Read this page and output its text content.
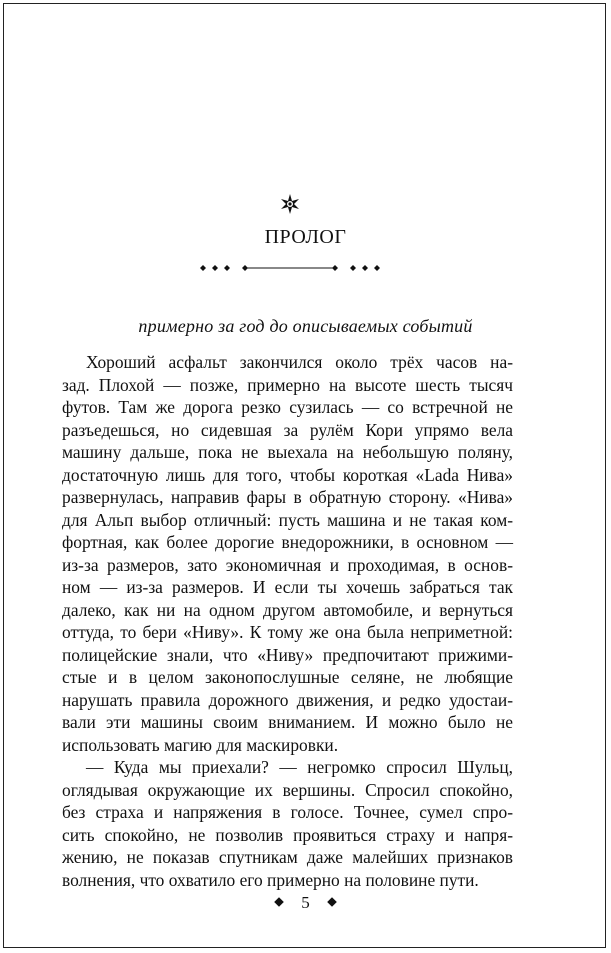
ПРОЛОГ

примерно за год до описываемых событий

Хороший асфальт закончился около трёх часов на-
зад. Плохой — позже, примерно на высоте шесть тысяч
футов. Там же дорога резко сузилась — со встречной не
разъедешься, но сидевшая за рулём Кори упрямо вела
машину дальше, пока не выехала на небольшую поляну,
достаточную лишь для того, чтобы короткая «Lada Нива»
развернулась, направив фары в обратную сторону. «Нива»
для Альп выбор отличный: пусть машина и не такая ком-
фортная, как более дорогие внедорожники, в основном —
из-за размеров, зато экономичная и проходимая, в основ-
ном — из-за размеров. И если ты хочешь забраться так
далеко, как ни на одном другом автомобиле, и вернуться
оттуда, то бери «Ниву». К тому же она была неприметной:
полицейские знали, что «Ниву» предпочитают прижими-
стые и в целом законопослушные селяне, не любящие
нарушать правила дорожного движения, и редко удостаи-
вали эти машины своим вниманием. И можно было не
использовать магию для маскировки.
— Куда мы приехали? — негромко спросил Шульц,
оглядывая окружающие их вершины. Спросил спокойно,
без страха и напряжения в голосе. Точнее, сумел спро-
сить спокойно, не позволив проявиться страху и напря-
жению, не показав спутникам даже малейших признаков
волнения, что охватило его примерно на половине пути.

5
